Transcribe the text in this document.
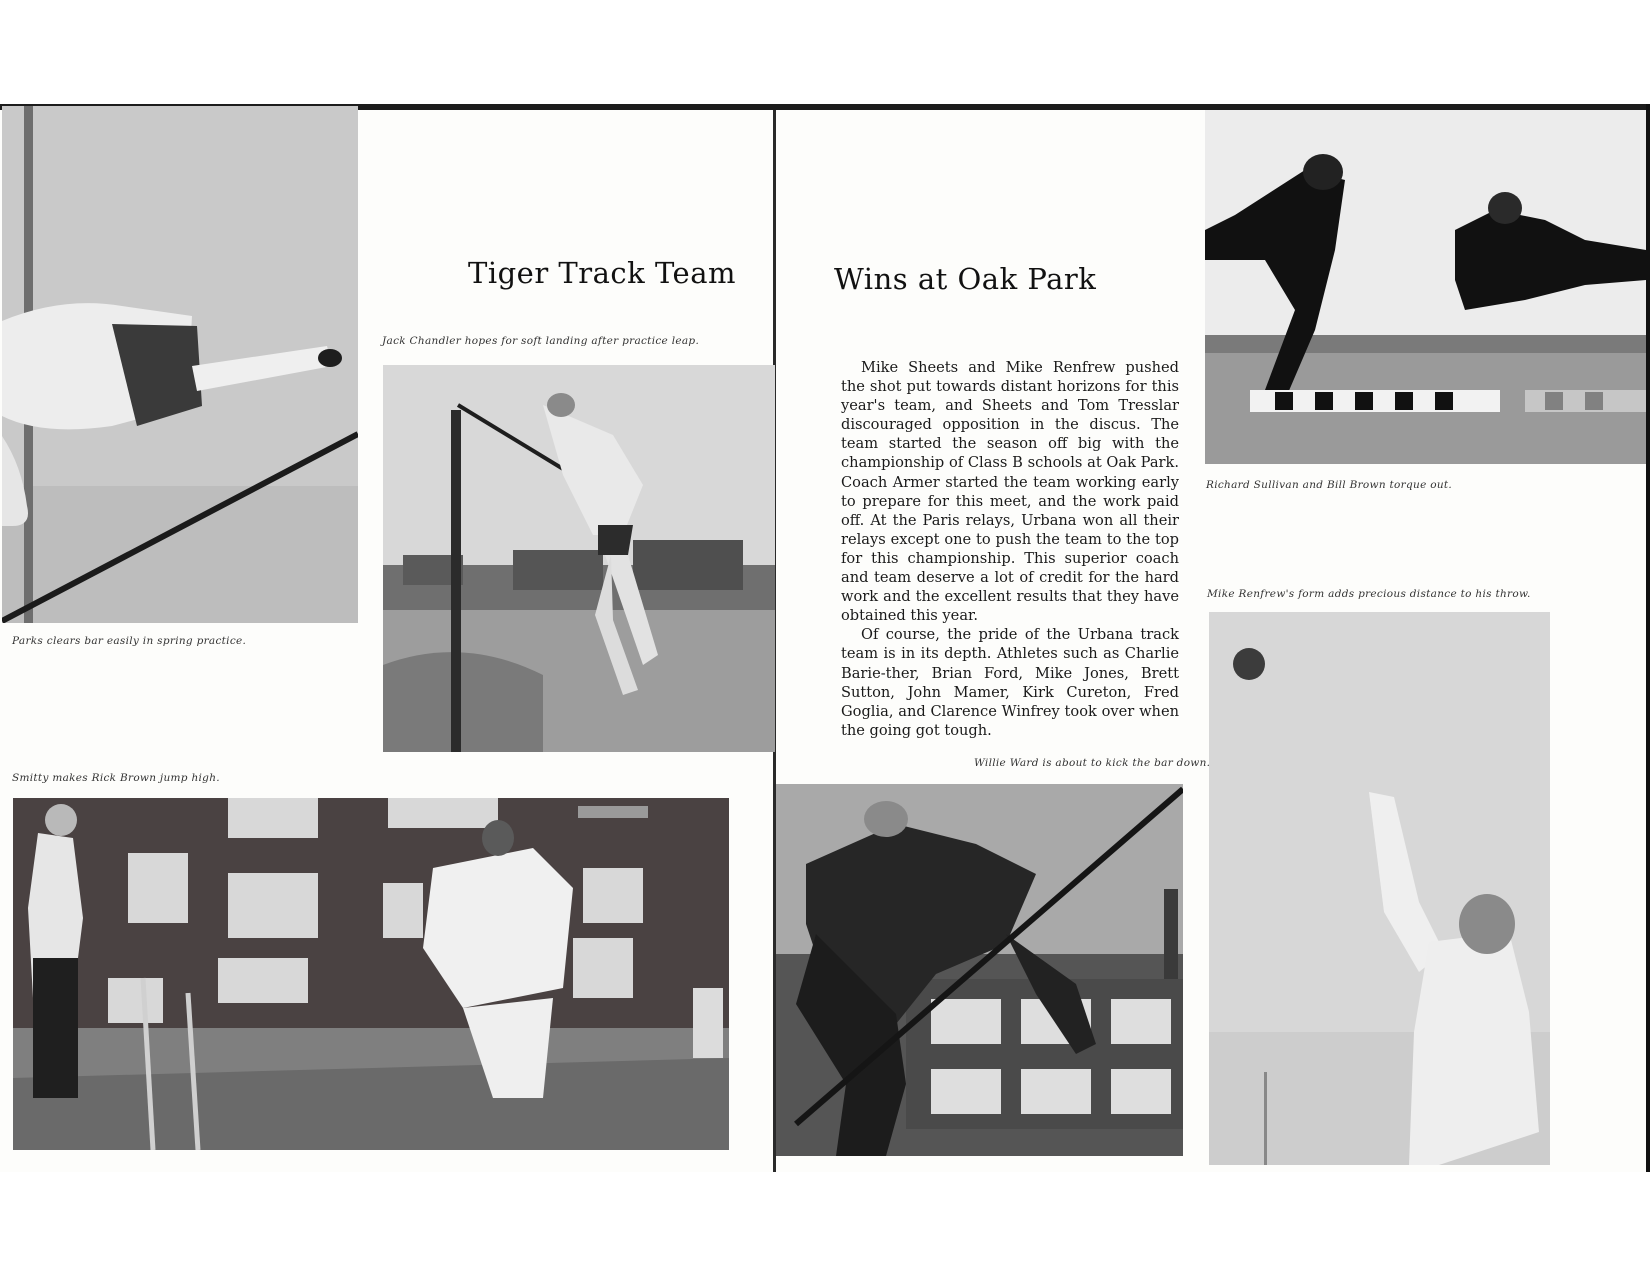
Parks clears bar easily in spring practice.
Tiger Track Team
Jack Chandler hopes for soft landing after practice leap.
Smitty makes Rick Brown jump high.
Wins at Oak Park

Mike Sheets and Mike Renfrew pushed the shot put towards distant horizons for this year's team, and Sheets and Tom Tresslar discouraged opposition in the discus. The team started the season off big with the championship of Class B schools at Oak Park. Coach Armer started the team working early to prepare for this meet, and the work paid off. At the Paris relays, Urbana won all their relays except one to push the team to the top for this championship. This superior coach and team deserve a lot of credit for the hard work and the excellent results that they have obtained this year.

Of course, the pride of the Urbana track team is in its depth. Athletes such as Charlie Barie-ther, Brian Ford, Mike Jones, Brett Sutton, John Mamer, Kirk Cureton, Fred Goglia, and Clarence Winfrey took over when the going got tough.

Richard Sullivan and Bill Brown torque out.
Mike Renfrew's form adds precious distance to his throw.
Willie Ward is about to kick the bar down.
